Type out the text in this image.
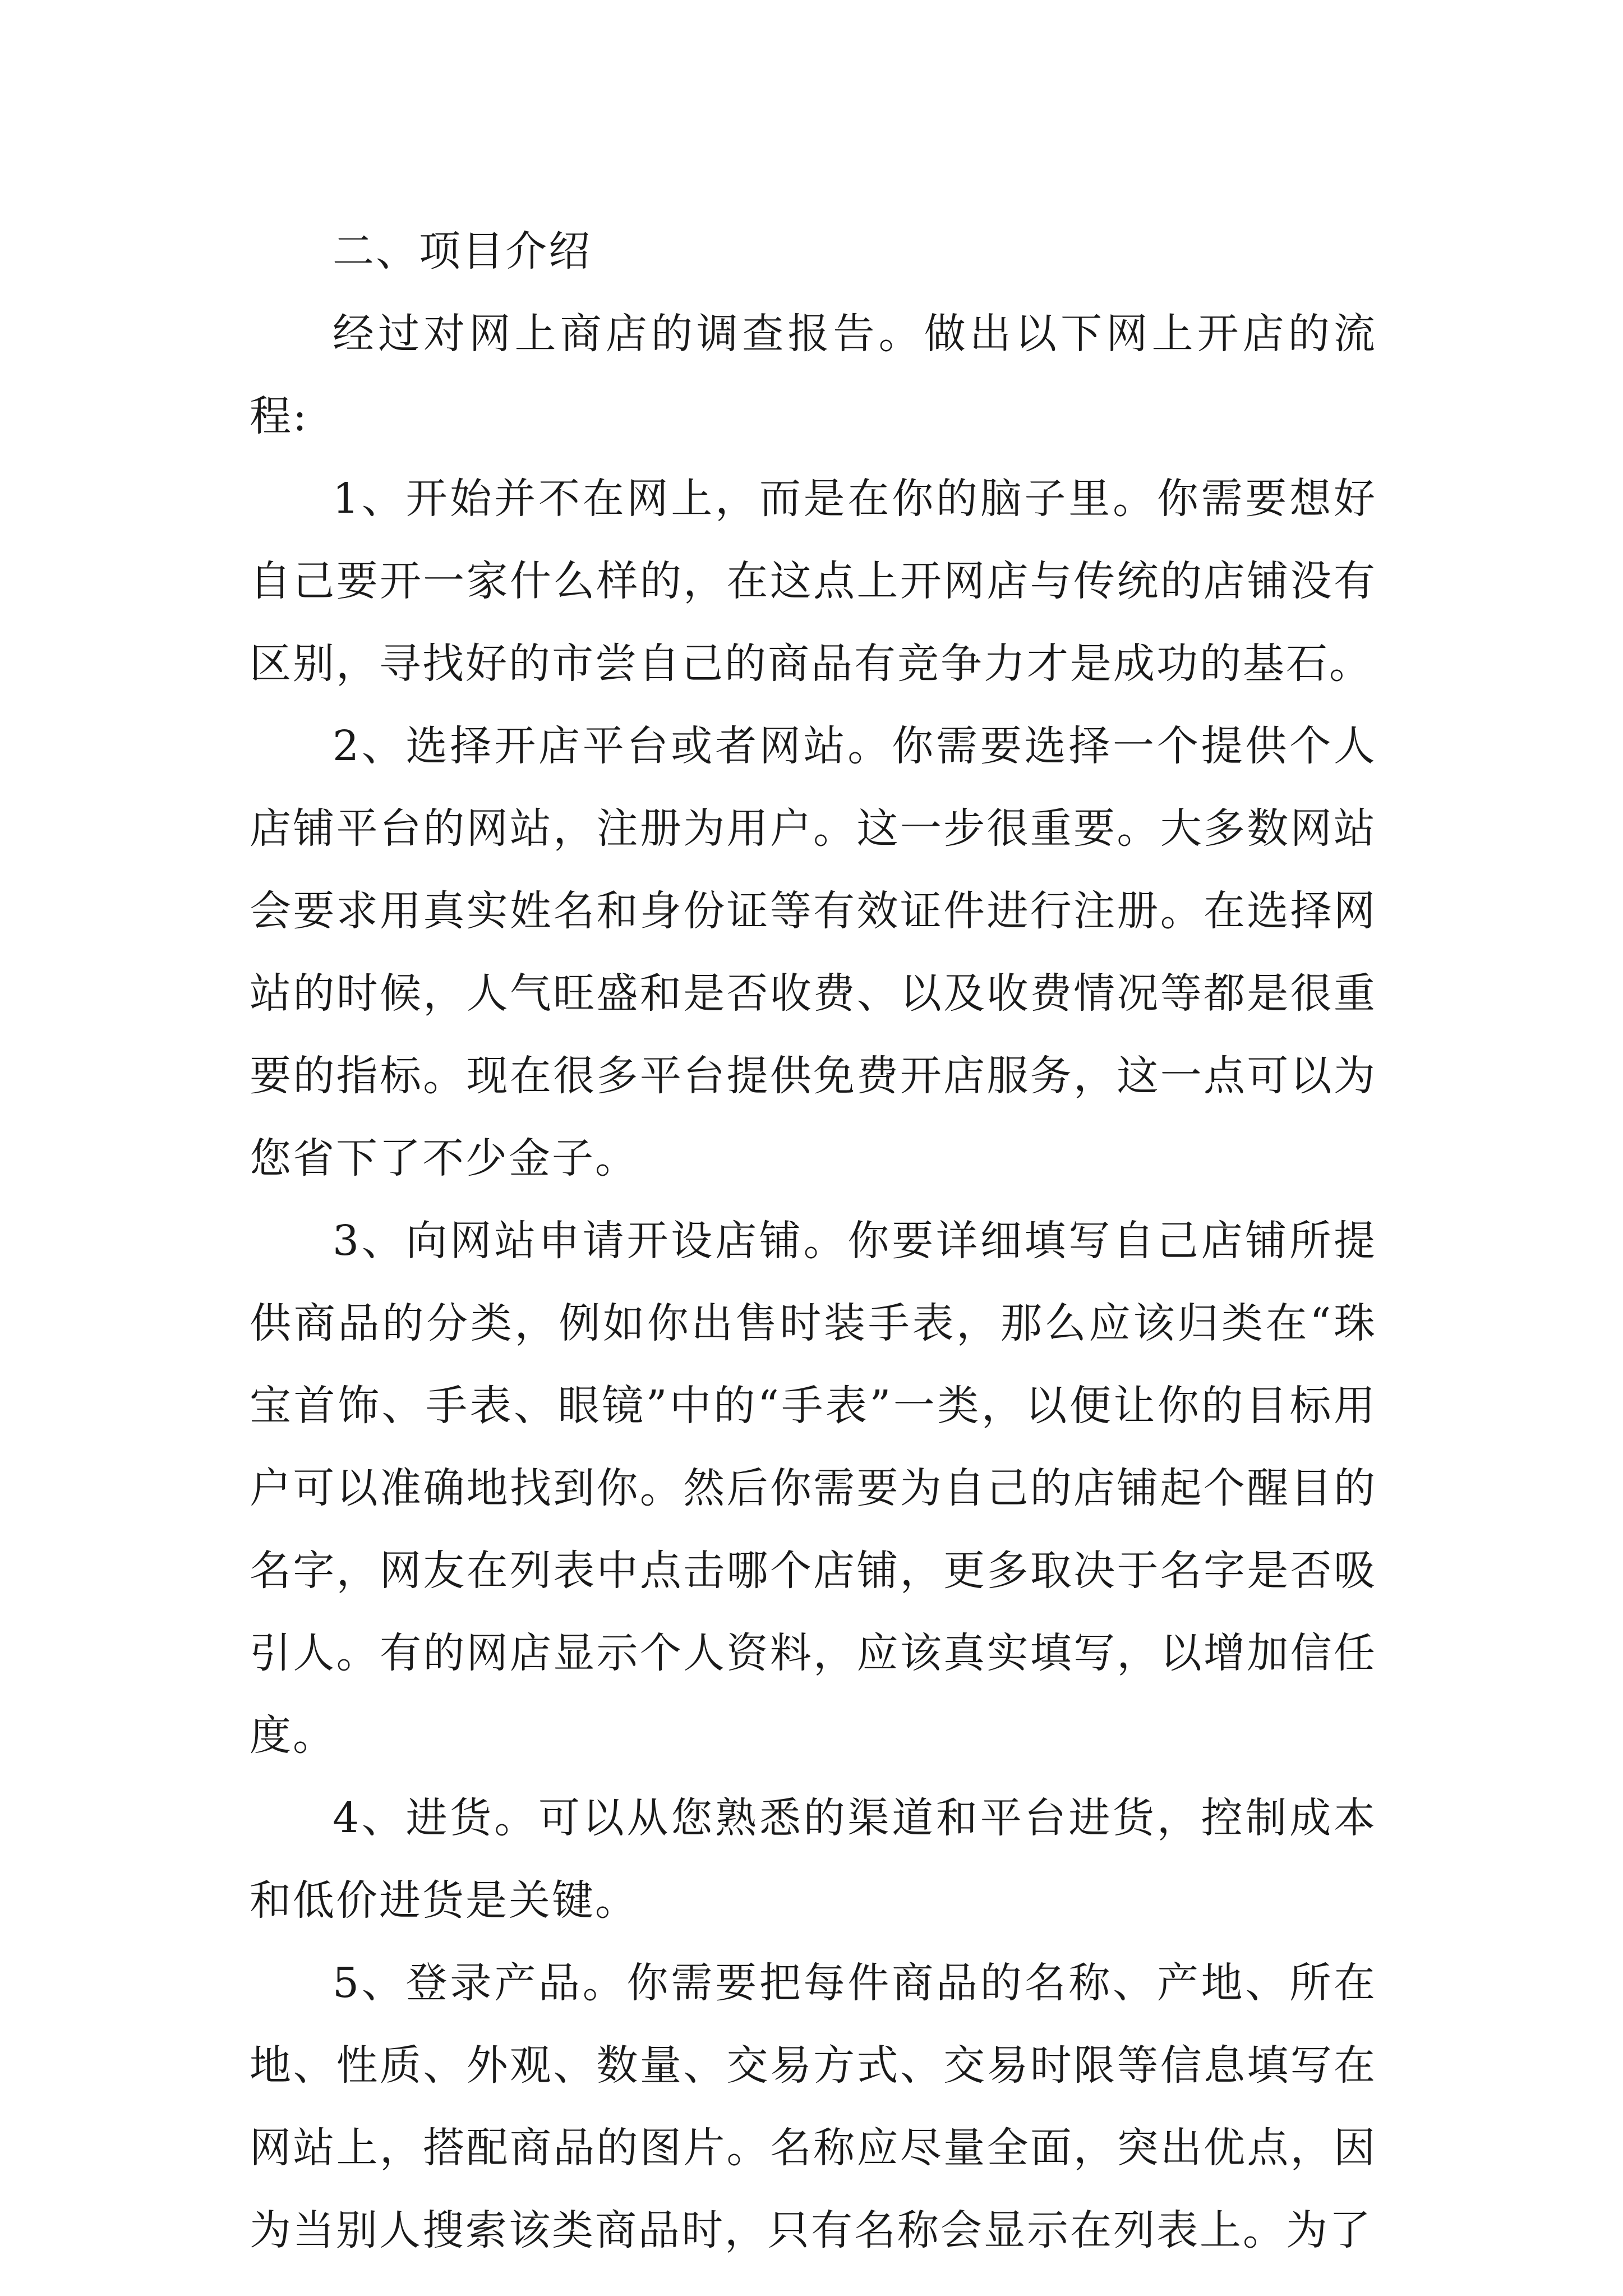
二、项目介绍

经过对网上商店的调查报告。做出以下网上开店的流程:

1、开始并不在网上，而是在你的脑子里。你需要想好自己要开一家什么样的，在这点上开网店与传统的店铺没有区别，寻找好的市尝自己的商品有竞争力才是成功的基石。

2、选择开店平台或者网站。你需要选择一个提供个人店铺平台的网站，注册为用户。这一步很重要。大多数网站会要求用真实姓名和身份证等有效证件进行注册。在选择网站的时候，人气旺盛和是否收费、以及收费情况等都是很重要的指标。现在很多平台提供免费开店服务，这一点可以为您省下了不少金子。

3、向网站申请开设店铺。你要详细填写自己店铺所提供商品的分类，例如你出售时装手表，那么应该归类在“珠宝首饰、手表、眼镜”中的“手表”一类，以便让你的目标用户可以准确地找到你。然后你需要为自己的店铺起个醒目的名字，网友在列表中点击哪个店铺，更多取决于名字是否吸引人。有的网店显示个人资料，应该真实填写，以增加信任度。

4、进货。可以从您熟悉的渠道和平台进货，控制成本和低价进货是关键。

5、登录产品。你需要把每件商品的名称、产地、所在地、性质、外观、数量、交易方式、交易时限等信息填写在网站上，搭配商品的图片。名称应尽量全面，突出优点，因为当别人搜索该类商品时，只有名称会显示在列表上。为了
